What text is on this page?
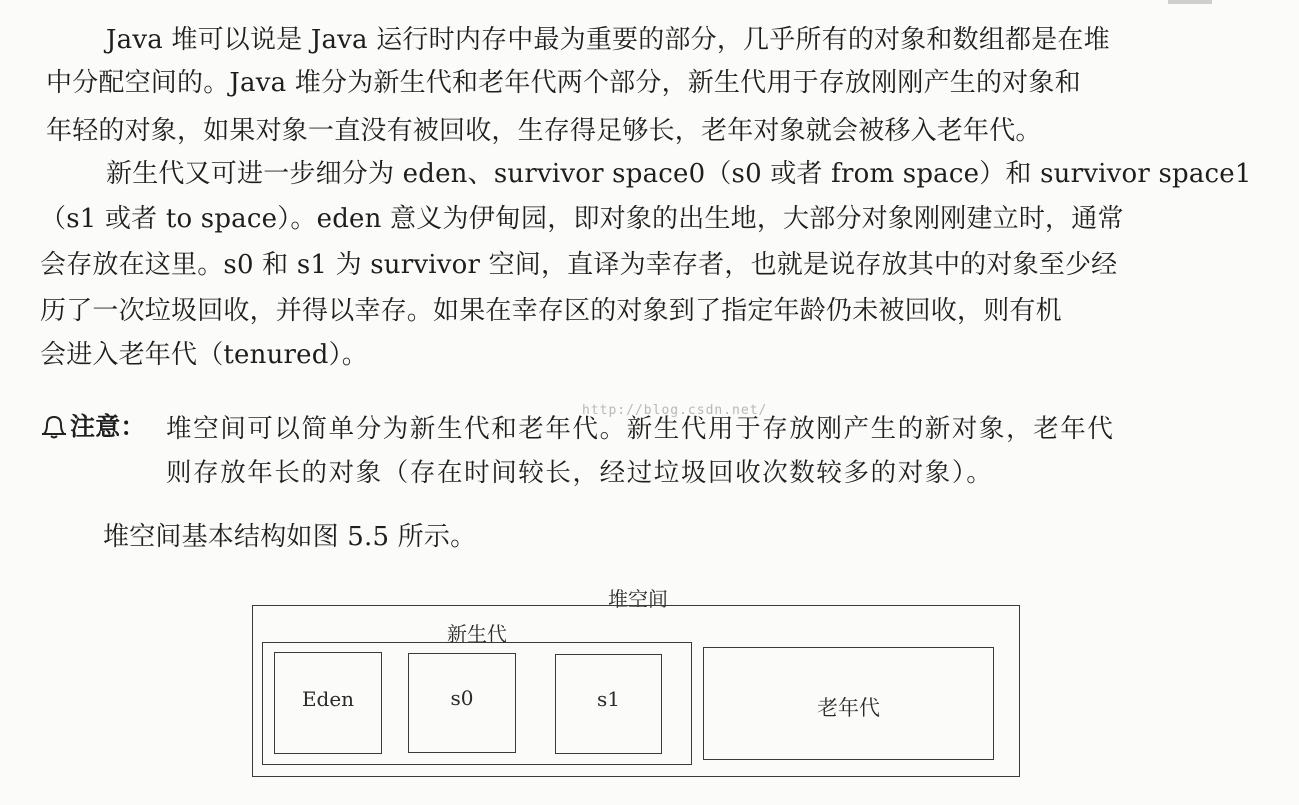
Java 堆可以说是 Java 运行时内存中最为重要的部分，几乎所有的对象和数组都是在堆
中分配空间的。Java 堆分为新生代和老年代两个部分，新生代用于存放刚刚产生的对象和
年轻的对象，如果对象一直没有被回收，生存得足够长，老年对象就会被移入老年代。
新生代又可进一步细分为 eden、survivor space0（s0 或者 from space）和 survivor space1
（s1 或者 to space）。eden 意义为伊甸园，即对象的出生地，大部分对象刚刚建立时，通常
会存放在这里。s0 和 s1 为 survivor 空间，直译为幸存者，也就是说存放其中的对象至少经
历了一次垃圾回收，并得以幸存。如果在幸存区的对象到了指定年龄仍未被回收，则有机
会进入老年代（tenured）。
注意： 堆空间可以简单分为新生代和老年代。新生代用于存放刚产生的新对象，老年代
则存放年长的对象（存在时间较长，经过垃圾回收次数较多的对象）。
http://blog.csdn.net/
堆空间基本结构如图 5.5 所示。
堆空间
新生代
Eden	s0	s1	老年代
